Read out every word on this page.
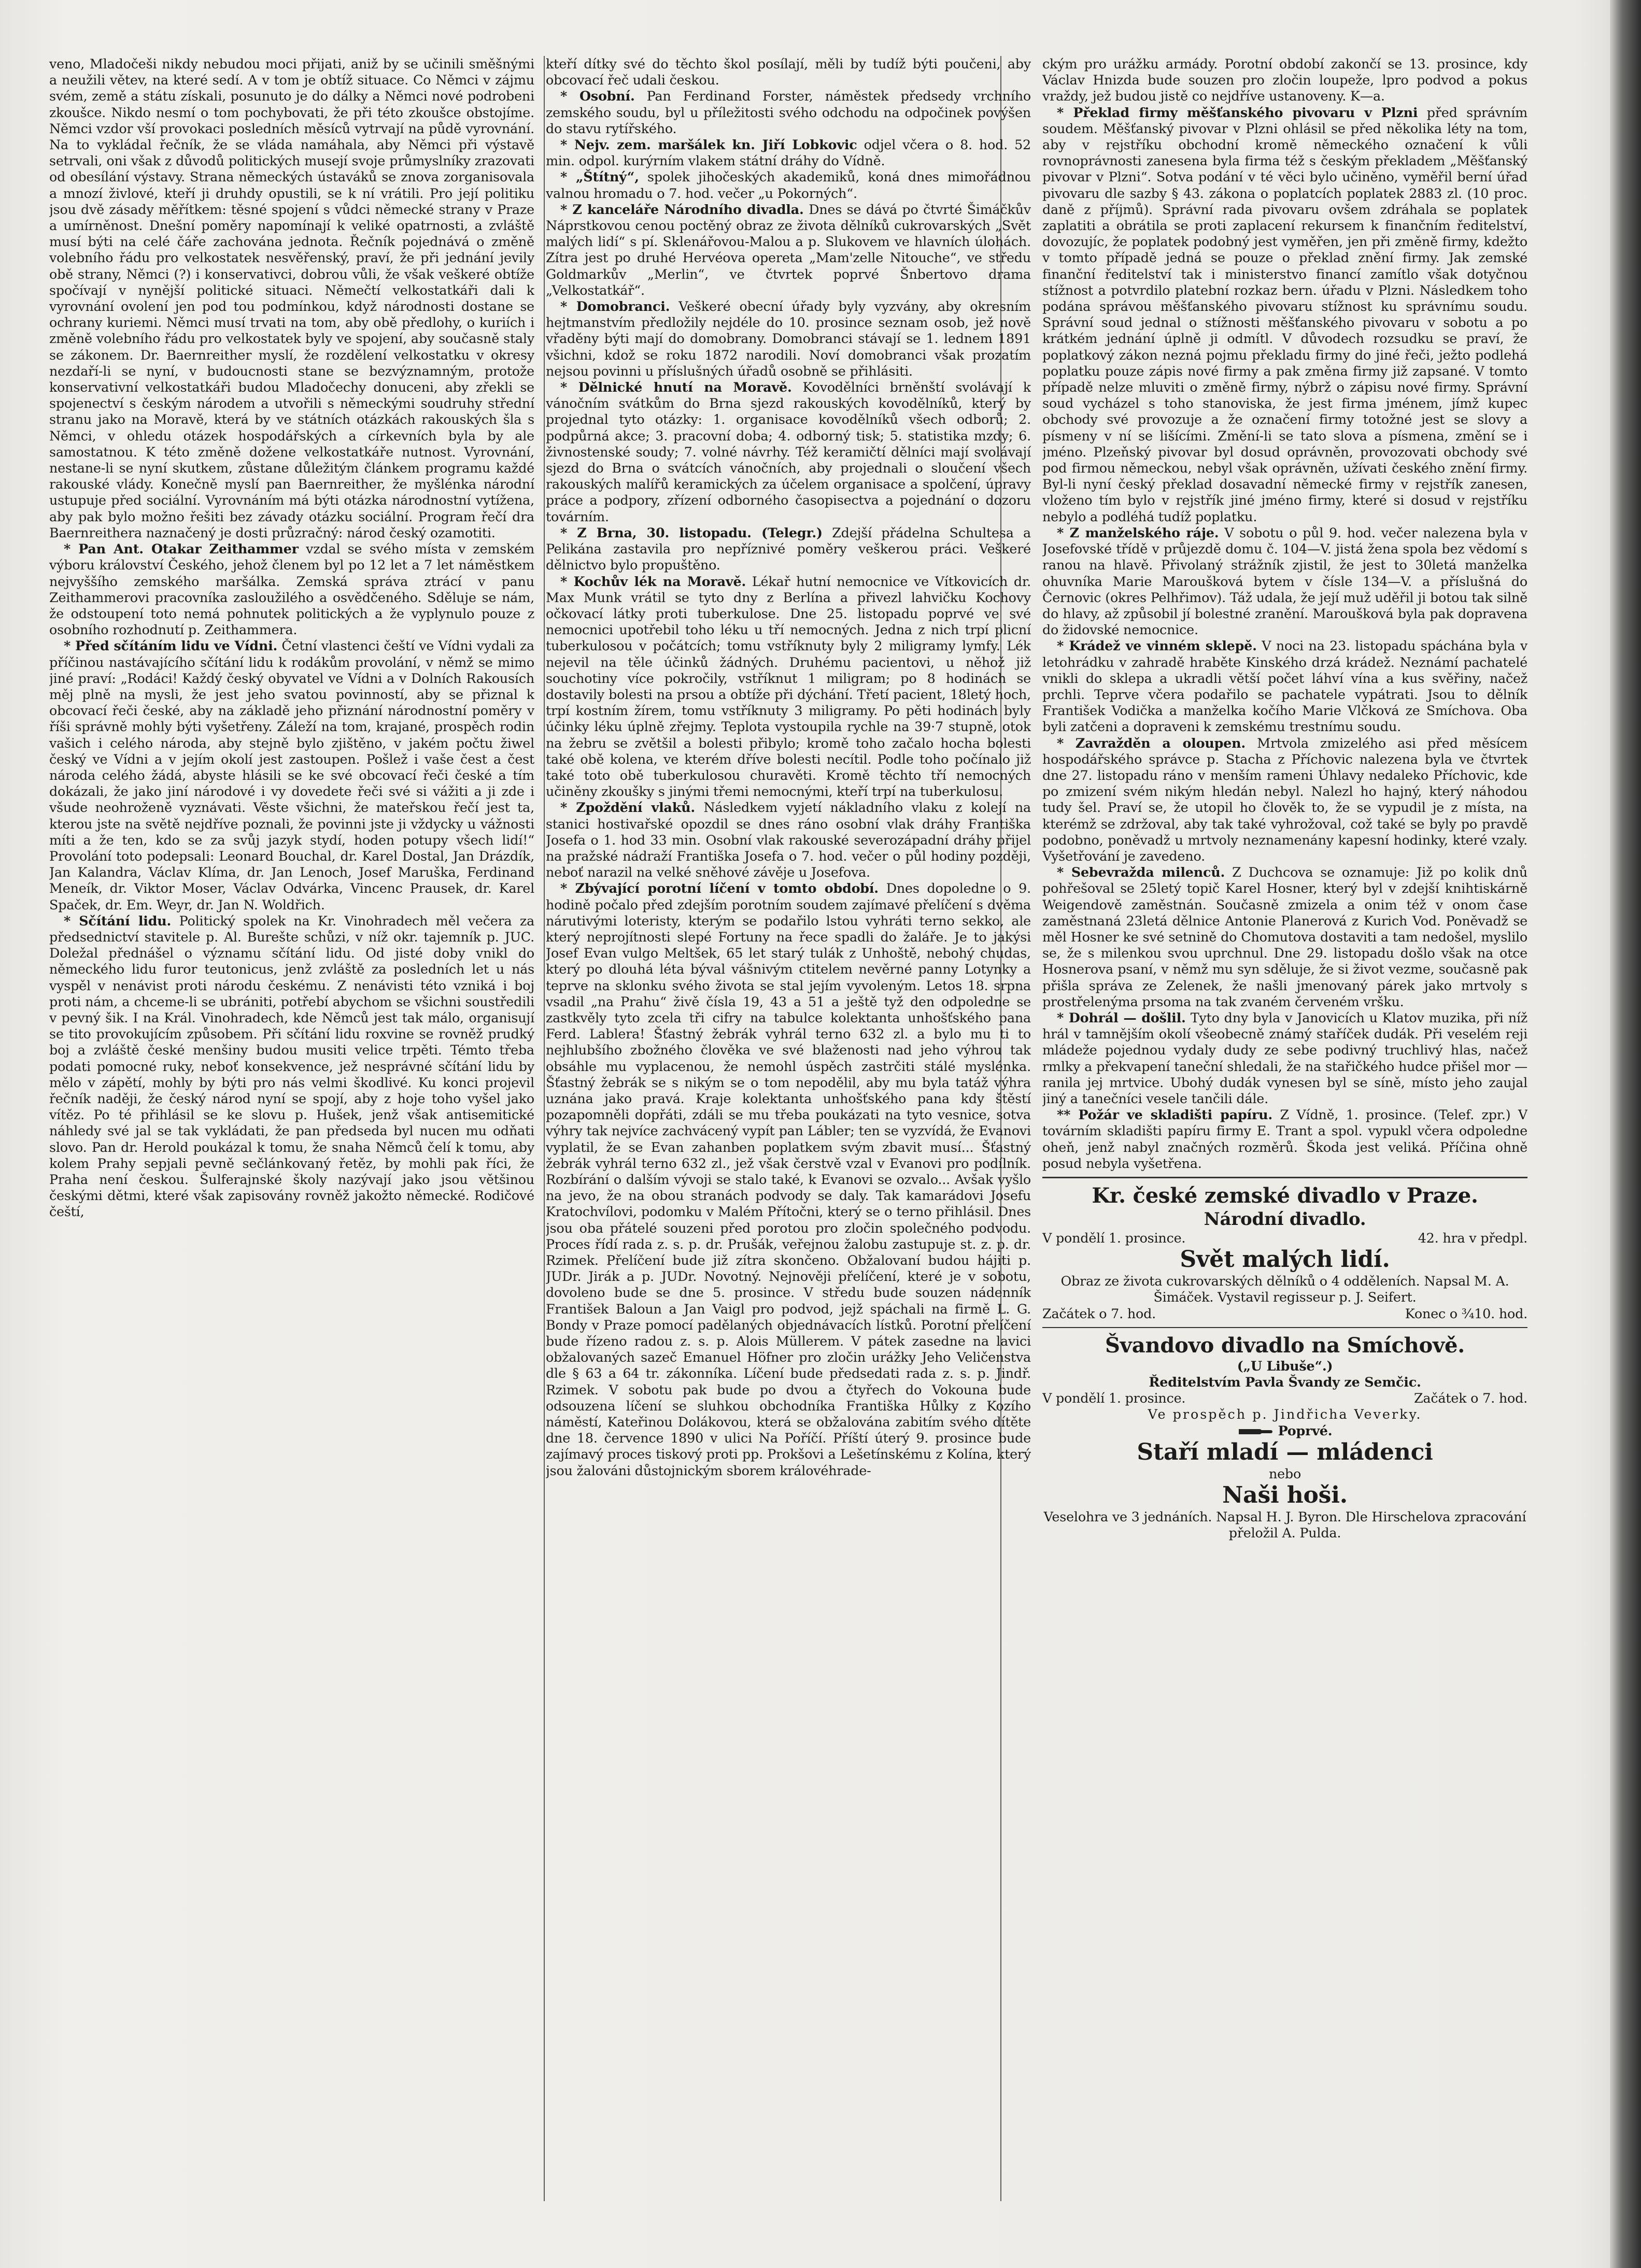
veno, Mladočeši nikdy nebudou moci přijati, aniž by se učinili směšnými a neužili větev, na které sedí. A v tom je obtíž situace. Co Němci v zájmu svém, země a státu získali, posunuto je do dálky a Němci nové podrobeni zkoušce. Nikdo nesmí o tom pochybovati, že při této zkoušce obstojíme. Němci vzdor vší provokaci posledních měsíců vytrvají na půdě vyrovnání. Na to vykládal řečník, že se vláda namáhala, aby Němci při výstavě setrvali, oni však z důvodů politických musejí svoje průmyslníky zrazovati od obesílání výstavy. Strana německých ústaváků se znova zorganisovala a mnozí živlové, kteří ji druhdy opustili, se k ní vrátili. Pro její politiku jsou dvě zásady měřítkem: těsné spojení s vůdci německé strany v Praze a umírněnost. Dnešní poměry napomínají k veliké opatrnosti, a zvláště musí býti na celé čáře zachována jednota. Řečník pojednává o změně volebního řádu pro velkostatek nesvěřenský, praví, že při jednání jevily obě strany, Němci (?) i konservativci, dobrou vůli, že však veškeré obtíže spočívají v nynější politické situaci. Němečtí velkostatkáři dali k vyrovnání ovolení jen pod tou podmínkou, když národnosti dostane se ochrany kuriemi. Němci musí trvati na tom, aby obě předlohy, o kuriích i změně volebního řádu pro velkostatek byly ve spojení, aby současně staly se zákonem. Dr. Baernreither myslí, že rozdělení velkostatku v okresy nezdaří-li se nyní, v budoucnosti stane se bezvýznamným, protože konservativní velkostatkáři budou Mladočechy donuceni, aby zřekli se spojenectví s českým národem a utvořili s německými soudruhy střední stranu jako na Moravě, která by ve státních otázkách rakouských šla s Němci, v ohledu otázek hospodářských a církevních byla by ale samostatnou. K této změně dožene velkostatkáře nutnost. Vyrovnání, nestane-li se nyní skutkem, zůstane důležitým článkem programu každé rakouské vlády. Konečně myslí pan Baernreither, že myšlénka národní ustupuje před sociální. Vyrovnáním má býti otázka národnostní vytížena, aby pak bylo možno řešiti bez závady otázku sociální. Program řečí dra Baernreithera naznačený je dosti průzračný: národ český ozamotiti.

* Pan Ant. Otakar Zeithammer vzdal se svého místa v zemském výboru království Českého, jehož členem byl po 12 let a 7 let náměstkem nejvyššího zemského maršálka. Zemská správa ztrácí v panu Zeithammerovi pracovníka zasloužilého a osvědčeného. Sděluje se nám, že odstoupení toto nemá pohnutek politických a že vyplynulo pouze z osobního rozhodnutí p. Zeithammera.

* Před sčítáním lidu ve Vídni. Četní vlastenci čeští ve Vídni vydali za příčinou nastávajícího sčítání lidu k rodákům provolání, v němž se mimo jiné praví: „Rodáci! Každý český obyvatel ve Vídni a v Dolních Rakousích měj plně na mysli, že jest jeho svatou povinností, aby se přiznal k obcovací řeči české, aby na základě jeho přiznání národnostní poměry v říši správně mohly býti vyšetřeny. Záleží na tom, krajané, prospěch rodin vašich i celého národa, aby stejně bylo zjištěno, v jakém počtu žiwel český ve Vídni a v jejím okolí jest zastoupen. Pošlež i vaše čest a čest národa celého žádá, abyste hlásili se ke své obcovací řeči české a tím dokázali, že jako jiní národové i vy dovedete řeči své si vážiti a ji zde i všude neohroženě vyznávati. Věste všichni, že mateřskou řečí jest ta, kterou jste na světě nejdříve poznali, že povinni jste ji vždycky u vážnosti míti a že ten, kdo se za svůj jazyk stydí, hoden potupy všech lidí!“ Provolání toto podepsali: Leonard Bouchal, dr. Karel Dostal, Jan Drázdík, Jan Kalandra, Václav Klíma, dr. Jan Lenoch, Josef Maruška, Ferdinand Meneík, dr. Viktor Moser, Václav Odvárka, Vincenc Prausek, dr. Karel Spaček, dr. Em. Weyr, dr. Jan N. Woldřich.

* Sčítání lidu. Politický spolek na Kr. Vinohradech měl večera za předsednictví stavitele p. Al. Burešte schůzi, v níž okr. tajemník p. JUC. Doležal přednášel o významu sčítání lidu. Od jisté doby vnikl do německého lidu furor teutonicus, jenž zvláště za posledních let u nás vyspěl v nenávist proti národu českému. Z nenávisti této vzniká i boj proti nám, a chceme-li se ubrániti, potřebí abychom se všichni soustředili v pevný šik. I na Král. Vinohradech, kde Němců jest tak málo, organisují se tito provokujícím způsobem. Při sčítání lidu roxvine se rovněž prudký boj a zvláště české menšiny budou musiti velice trpěti. Témto třeba podati pomocné ruky, neboť konsekvence, jež nesprávné sčítání lidu by mělo v zápětí, mohly by býti pro nás velmi škodlivé. Ku konci projevil řečník naději, že český národ nyní se spojí, aby z hoje toho vyšel jako vítěz. Po té přihlásil se ke slovu p. Hušek, jenž však antisemitické náhledy své jal se tak vykládati, že pan předseda byl nucen mu odňati slovo. Pan dr. Herold poukázal k tomu, že snaha Němců čelí k tomu, aby kolem Prahy sepjali pevně sečlánkovaný řetěz, by mohli pak říci, že Praha není českou. Šulferajnské školy nazývají jako jsou většinou českými dětmi, které však zapisovány rovněž jakožto německé. Rodičové čeští,

kteří dítky své do těchto škol posílají, měli by tudíž býti poučeni, aby obcovací řeč udali českou.

* Osobní. Pan Ferdinand Forster, náměstek předsedy vrchního zemského soudu, byl u příležitosti svého odchodu na odpočinek povýšen do stavu rytířského.

* Nejv. zem. maršálek kn. Jiří Lobkovic odjel včera o 8. hod. 52 min. odpol. kurýrním vlakem státní dráhy do Vídně.

* „Štítný“, spolek jihočeských akademiků, koná dnes mimořádnou valnou hromadu o 7. hod. večer „u Pokorných“.

* Z kanceláře Národního divadla. Dnes se dává po čtvrté Šimáčkův Náprstkovou cenou poctěný obraz ze života dělníků cukrovarských „Svět malých lidí“ s pí. Sklenářovou-Malou a p. Slukovem ve hlavních úlohách. Zítra jest po druhé Hervéova opereta „Mam'zelle Nitouche“, ve středu Goldmarkův „Merlin“, ve čtvrtek poprvé Šnbertovo drama „Velkostatkář“.

* Domobranci. Veškeré obecní úřady byly vyzvány, aby okresním hejtmanstvím předložily nejdéle do 10. prosince seznam osob, jež nově vřaděny býti mají do domobrany. Domobranci stávají se 1. lednem 1891 všichni, kdož se roku 1872 narodili. Noví domobranci však prozatím nejsou povinni u příslušných úřadů osobně se přihlásiti.

* Dělnické hnutí na Moravě. Kovodělníci brněnští svolávají k vánočním svátkům do Brna sjezd rakouských kovodělníků, který by projednal tyto otázky: 1. organisace kovodělníků všech odborů; 2. podpůrná akce; 3. pracovní doba; 4. odborný tisk; 5. statistika mzdy; 6. živnostenské soudy; 7. volné návrhy. Též keramičtí dělníci mají svolávají sjezd do Brna o svátcích vánočních, aby projednali o sloučení všech rakouských malířů keramických za účelem organisace a spolčení, úpravy práce a podpory, zřízení odborného časopisectva a pojednání o dozoru továrním.

* Z Brna, 30. listopadu. (Telegr.) Zdejší přádelna Schultesa a Pelikána zastavila pro nepříznivé poměry veškerou práci. Veškeré dělnictvo bylo propuštěno.

* Kochův lék na Moravě. Lékař hutní nemocnice ve Vítkovicích dr. Max Munk vrátil se tyto dny z Berlína a přivezl lahvičku Kochovy očkovací látky proti tuberkulose. Dne 25. listopadu poprvé ve své nemocnici upotřebil toho léku u tří nemocných. Jedna z nich trpí plicní tuberkulosou v počátcích; tomu vstříknuty byly 2 miligramy lymfy. Lék nejevil na těle účinků žádných. Druhému pacientovi, u něhož již souchotiny více pokročily, vstříknut 1 miligram; po 8 hodinách se dostavily bolesti na prsou a obtíže při dýchání. Třetí pacient, 18letý hoch, trpí kostním žírem, tomu vstříknuty 3 miligramy. Po pěti hodinách byly účinky léku úplně zřejmy. Teplota vystoupila rychle na 39·7 stupně, otok na žebru se zvětšil a bolesti přibylo; kromě toho začalo hocha bolesti také obě kolena, ve kterém dříve bolesti necítil. Podle toho počínalo již také toto obě tuberkulosou churavěti. Kromě těchto tří nemocných učiněny zkoušky s jinými třemi nemocnými, kteří trpí na tuberkulosu.

* Zpoždění vlaků. Následkem vyjetí nákladního vlaku z kolejí na stanici hostivařské opozdil se dnes ráno osobní vlak dráhy Františka Josefa o 1. hod 33 min. Osobní vlak rakouské severozápadní dráhy přijel na pražské nádraží Františka Josefa o 7. hod. večer o půl hodiny později, neboť narazil na velké sněhové závěje u Josefova.

* Zbývající porotní líčení v tomto období. Dnes dopoledne o 9. hodině počalo před zdejším porotním soudem zajímavé přelíčení s dvěma nárutivými loteristy, kterým se podařilo lstou vyhráti terno sekko, ale který neprojítnosti slepé Fortuny na řece spadli do žaláře. Je to jakýsi Josef Evan vulgo Meltšek, 65 let starý tulák z Unhoště, nebohý chudas, který po dlouhá léta býval vášnivým ctitelem nevěrné panny Lotynky a teprve na sklonku svého života se stal jejím vyvoleným. Letos 18. srpna vsadil „na Prahu“ živě čísla 19, 43 a 51 a ještě tyž den odpoledne se zastkvěly tyto zcela tři cifry na tabulce kolektanta unhošťského pana Ferd. Lablera! Šťastný žebrák vyhrál terno 632 zl. a bylo mu ti to nejhlubšího zbožného člověka ve své blaženosti nad jeho výhrou tak obsáhle mu vyplacenou, že nemohl úspěch zastrčiti stálé myslénka. Šťastný žebrák se s nikým se o tom nepodělil, aby mu byla tatáž výhra uznána jako pravá. Kraje kolektanta unhošťského pana kdy štěstí pozapomněli dopřáti, zdáli se mu třeba poukázati na tyto vesnice, sotva výhry tak nejvíce zachvácený vypít pan Lábler; ten se vyzvídá, že Evanovi vyplatil, že se Evan zahanben poplatkem svým zbavit musí... Šťastný žebrák vyhrál terno 632 zl., jež však čerstvě vzal v Evanovi pro podílník. Rozbírání o dalším vývoji se stalo také, k Evanovi se ozvalo... Avšak vyšlo na jevo, že na obou stranách podvody se daly. Tak kamarádovi Josefu Kratochvílovi, podomku v Malém Přítočni, který se o terno přihlásil. Dnes jsou oba přátelé souzeni před porotou pro zločin společného podvodu. Proces řídí rada z. s. p. dr. Prušák, veřejnou žalobu zastupuje st. z. p. dr. Rzimek. Přelíčení bude již zítra skončeno. Obžalovaní budou hájiti p. JUDr. Jirák a p. JUDr. Novotný. Nejnověji přelíčení, které je v sobotu, dovoleno bude se dne 5. prosince. V středu bude souzen nádenník František Baloun a Jan Vaigl pro podvod, jejž spáchali na firmě L. G. Bondy v Praze pomocí padělaných objednávacích lístků. Porotní přelíčení bude řízeno radou z. s. p. Alois Müllerem. V pátek zasedne na lavici obžalovaných sazeč Emanuel Höfner pro zločin urážky Jeho Veličenstva dle § 63 a 64 tr. zákonníka. Líčení bude předsedati rada z. s. p. Jindř. Rzimek. V sobotu pak bude po dvou a čtyřech do Vokouna bude odsouzena líčení se sluhkou obchodníka Františka Hůlky z Kozího náměstí, Kateřinou Dolákovou, která se obžalována zabitím svého dítěte dne 18. července 1890 v ulici Na Poříčí. Příští úterý 9. prosince bude zajímavý proces tiskový proti pp. Prokšovi a Lešetínskému z Kolína, který jsou žalováni důstojnickým sborem královéhrade-

ckým pro urážku armády. Porotní období zakončí se 13. prosince, kdy Václav Hnizda bude souzen pro zločin loupeže, lpro podvod a pokus vraždy, jež budou jistě co nejdříve ustanoveny. K—a.

* Překlad firmy měšťanského pivovaru v Plzni před správním soudem. Měšťanský pivovar v Plzni ohlásil se před několika léty na tom, aby v rejstříku obchodní kromě německého označení k vůli rovnoprávnosti zanesena byla firma též s českým překladem „Měšťanský pivovar v Plzni“. Sotva podání v té věci bylo učiněno, vyměřil berní úřad pivovaru dle sazby § 43. zákona o poplatcích poplatek 2883 zl. (10 proc. daně z příjmů). Správní rada pivovaru ovšem zdráhala se poplatek zaplatiti a obrátila se proti zaplacení rekursem k finančním ředitelství, dovozujíc, že poplatek podobný jest vyměřen, jen při změně firmy, kdežto v tomto případě jedná se pouze o překlad znění firmy. Jak zemské finanční ředitelství tak i ministerstvo financí zamítlo však dotyčnou stížnost a potvrdilo platební rozkaz bern. úřadu v Plzni. Následkem toho podána správou měšťanského pivovaru stížnost ku správnímu soudu. Správní soud jednal o stížnosti měšťanského pivovaru v sobotu a po krátkém jednání úplně ji odmítl. V důvodech rozsudku se praví, že poplatkový zákon nezná pojmu překladu firmy do jiné řeči, ježto podlehá poplatku pouze zápis nové firmy a pak změna firmy již zapsané. V tomto případě nelze mluviti o změně firmy, nýbrž o zápisu nové firmy. Správní soud vycházel s toho stanoviska, že jest firma jménem, jímž kupec obchody své provozuje a že označení firmy totožné jest se slovy a písmeny v ní se lišícími. Změní-li se tato slova a písmena, změní se i jméno. Plzeňský pivovar byl dosud oprávněn, provozovati obchody své pod firmou německou, nebyl však oprávněn, užívati českého znění firmy. Byl-li nyní český překlad dosavadní německé firmy v rejstřík zanesen, vloženo tím bylo v rejstřík jiné jméno firmy, které si dosud v rejstříku nebylo a podléhá tudíž poplatku.

* Z manželského ráje. V sobotu o půl 9. hod. večer nalezena byla v Josefovské třídě v průjezdě domu č. 104—V. jistá žena spola bez vědomí s ranou na hlavě. Přivolaný strážník zjistil, že jest to 30letá manželka ohuvníka Marie Maroušková bytem v čísle 134—V. a příslušná do Černovic (okres Pelhřimov). Táž udala, že její muž uděřil ji botou tak silně do hlavy, až způsobil jí bolestné zranění. Maroušková byla pak dopravena do židovské nemocnice.

* Krádež ve vinném sklepě. V noci na 23. listopadu spáchána byla v letohrádku v zahradě hraběte Kinského drzá krádež. Neznámí pachatelé vnikli do sklepa a ukradli větší počet láhví vína a kus svěřiny, načež prchli. Teprve včera podařilo se pachatele vypátrati. Jsou to dělník František Vodička a manželka kočího Marie Vlčková ze Smíchova. Oba byli zatčeni a dopraveni k zemskému trestnímu soudu.

* Zavražděn a oloupen. Mrtvola zmizelého asi před měsícem hospodářského správce p. Stacha z Příchovic nalezena byla ve čtvrtek dne 27. listopadu ráno v menším rameni Úhlavy nedaleko Příchovic, kde po zmizení svém nikým hledán nebyl. Nalezl ho hajný, který náhodou tudy šel. Praví se, že utopil ho člověk to, že se vypudil je z místa, na kterémž se zdržoval, aby tak také vyhrožoval, což také se byly po pravdě podobno, poněvadž u mrtvoly neznamenány kapesní hodinky, které vzaly. Vyšetřování je zavedeno.

* Sebevražda milenců. Z Duchcova se oznamuje: Již po kolik dnů pohřešoval se 25letý topič Karel Hosner, který byl v zdejší knihtiskárně Weigendově zaměstnán. Současně zmizela a onim též v onom čase zaměstnaná 23letá dělnice Antonie Planerová z Kurich Vod. Poněvadž se měl Hosner ke své setnině do Chomutova dostaviti a tam nedošel, myslilo se, že s milenkou svou uprchnul. Dne 29. listopadu došlo však na otce Hosnerova psaní, v němž mu syn sděluje, že si život vezme, současně pak přišla správa ze Zelenek, že našli jmenovaný párek jako mrtvoly s prostřelenýma prsoma na tak zvaném červeném vršku.

* Dohrál — došlil. Tyto dny byla v Janovicích u Klatov muzika, při níž hrál v tamnějším okolí všeobecně známý staříček dudák. Při veselém reji mládeže pojednou vydaly dudy ze sebe podivný truchlivý hlas, načež rmlky a překvapení taneční shledali, že na stařičkého hudce přišel mor — ranila jej mrtvice. Ubohý dudák vynesen byl se síně, místo jeho zaujal jiný a tanečníci vesele tančili dále.

** Požár ve skladišti papíru. Z Vídně, 1. prosince. (Telef. zpr.) V továrním skladišti papíru firmy E. Trant a spol. vypukl včera odpoledne oheň, jenž nabyl značných rozměrů. Škoda jest veliká. Příčina ohně posud nebyla vyšetřena.

Kr. české zemské divadlo v Praze.
Národní divadlo.
V pondělí 1. prosince.	42. hra v předpl.
Svět malých lidí.

Obraz ze života cukrovarských dělníků o 4 odděleních. Napsal M. A. Šimáček. Vystavil regisseur p. J. Seifert.

Začátek o 7. hod.	Konec o ¾10. hod.
Švandovo divadlo na Smíchově.
(„U Libuše“.)
Ředitelstvím Pavla Švandy ze Semčic.
V pondělí 1. prosince.	Začátek o 7. hod.
Ve prospěch p. Jindřicha Veverky.
Poprvé.
Staří mladí — mládenci
nebo
Naši hoši.

Veselohra ve 3 jednáních. Napsal H. J. Byron. Dle Hirschelova zpracování přeložil A. Pulda.
